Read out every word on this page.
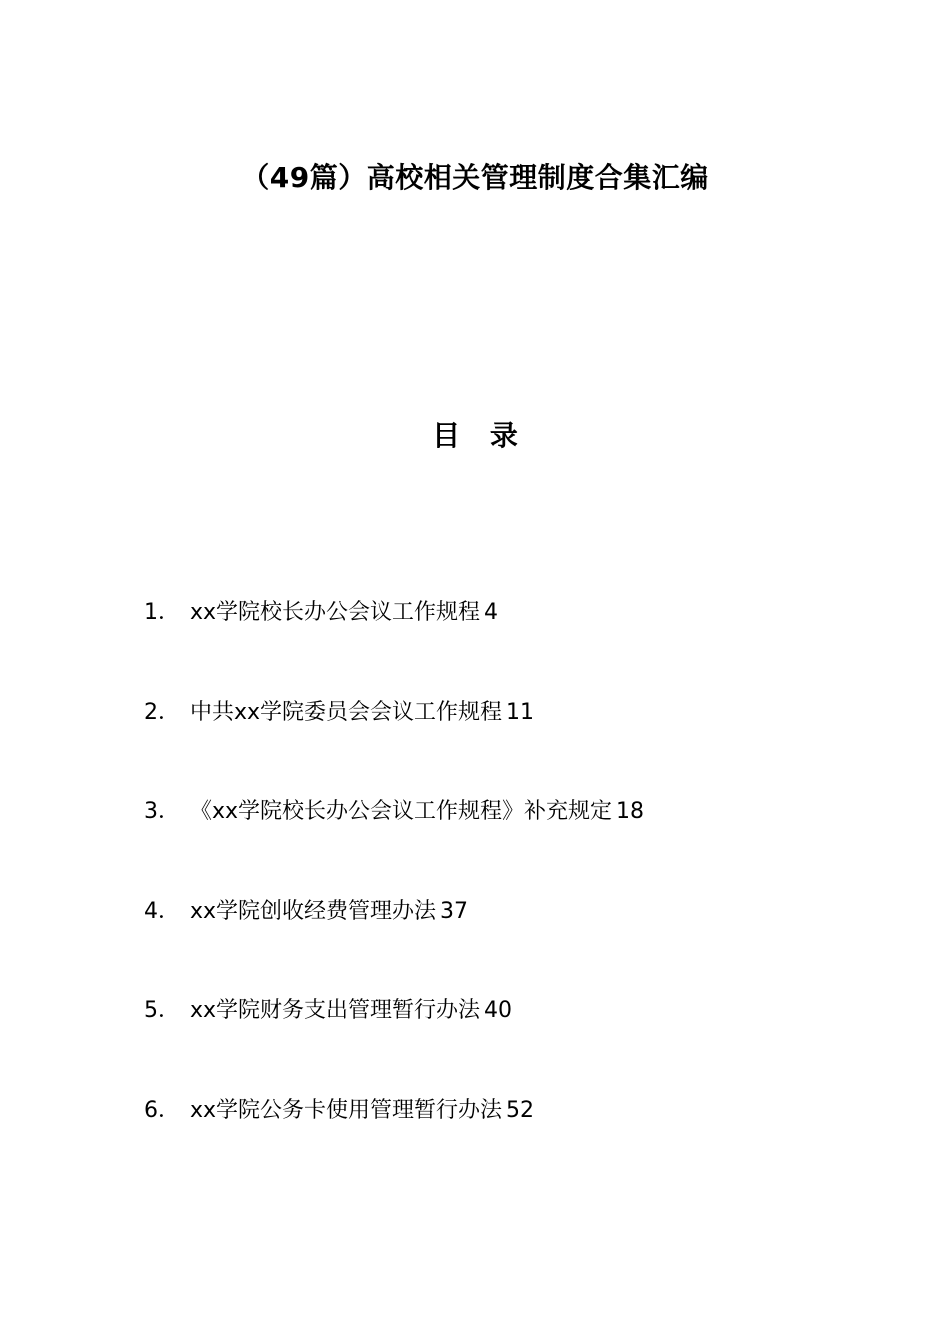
（49篇）高校相关管理制度合集汇编
目 录
1． xx学院校长办公会议工作规程 4
2． 中共xx学院委员会会议工作规程 11
3． 《xx学院校长办公会议工作规程》补充规定 18
4． xx学院创收经费管理办法 37
5． xx学院财务支出管理暂行办法 40
6． xx学院公务卡使用管理暂行办法 52
